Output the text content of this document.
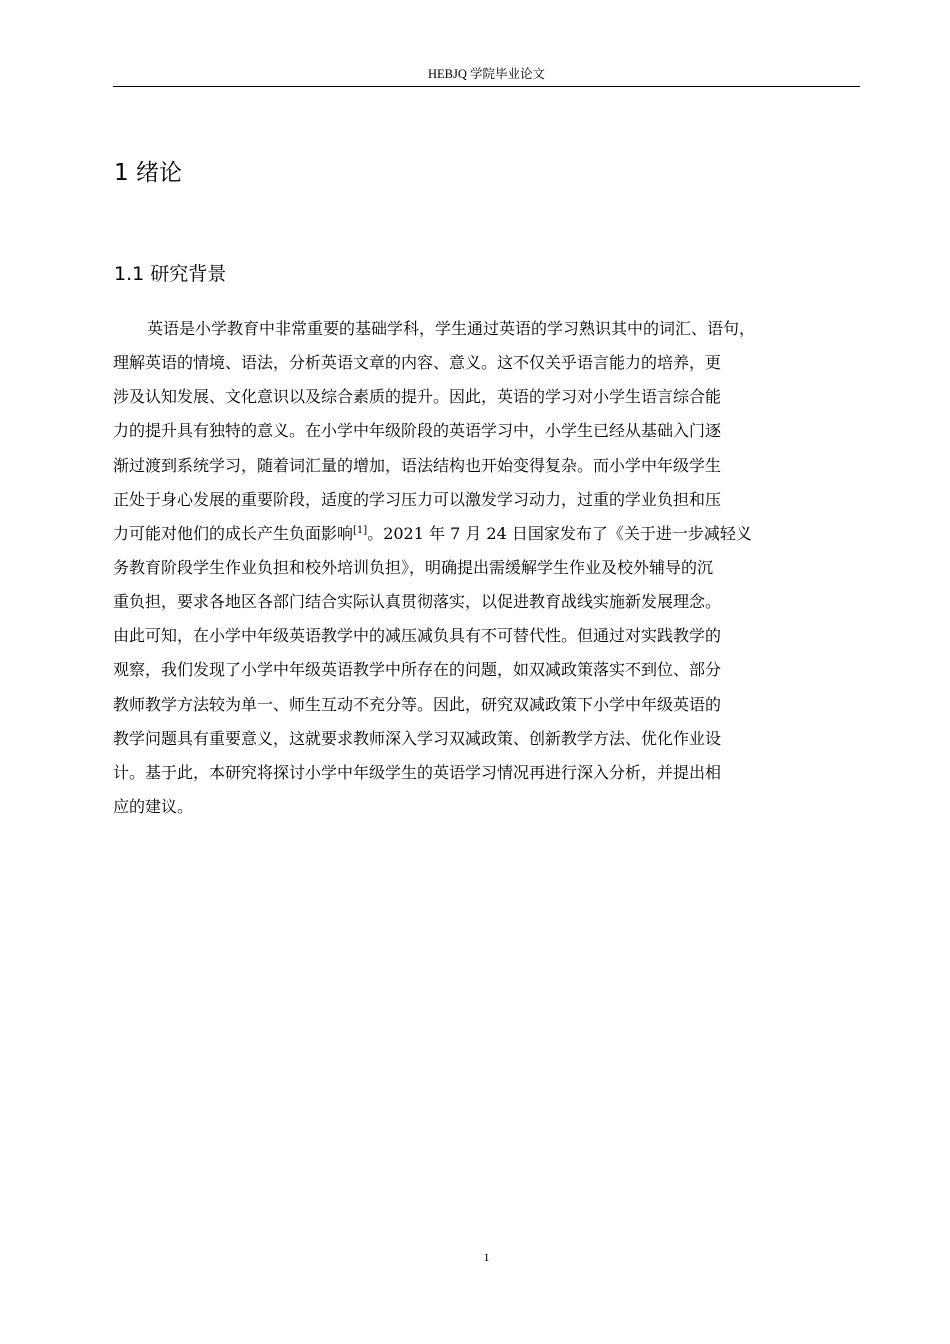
HEBJQ 学院毕业论文
1 绪论
1.1 研究背景
英语是小学教育中非常重要的基础学科，学生通过英语的学习熟识其中的词汇、语句，
理解英语的情境、语法，分析英语文章的内容、意义。这不仅关乎语言能力的培养，更
涉及认知发展、文化意识以及综合素质的提升。因此，英语的学习对小学生语言综合能
力的提升具有独特的意义。在小学中年级阶段的英语学习中，小学生已经从基础入门逐
渐过渡到系统学习，随着词汇量的增加，语法结构也开始变得复杂。而小学中年级学生
正处于身心发展的重要阶段，适度的学习压力可以激发学习动力，过重的学业负担和压
力可能对他们的成长产生负面影响[1]。2021 年 7 月 24 日国家发布了《关于进一步减轻义
务教育阶段学生作业负担和校外培训负担》，明确提出需缓解学生作业及校外辅导的沉
重负担，要求各地区各部门结合实际认真贯彻落实，以促进教育战线实施新发展理念。
由此可知，在小学中年级英语教学中的减压减负具有不可替代性。但通过对实践教学的
观察，我们发现了小学中年级英语教学中所存在的问题，如双减政策落实不到位、部分
教师教学方法较为单一、师生互动不充分等。因此，研究双减政策下小学中年级英语的
教学问题具有重要意义，这就要求教师深入学习双减政策、创新教学方法、优化作业设
计。基于此，本研究将探讨小学中年级学生的英语学习情况再进行深入分析，并提出相
应的建议。
1
